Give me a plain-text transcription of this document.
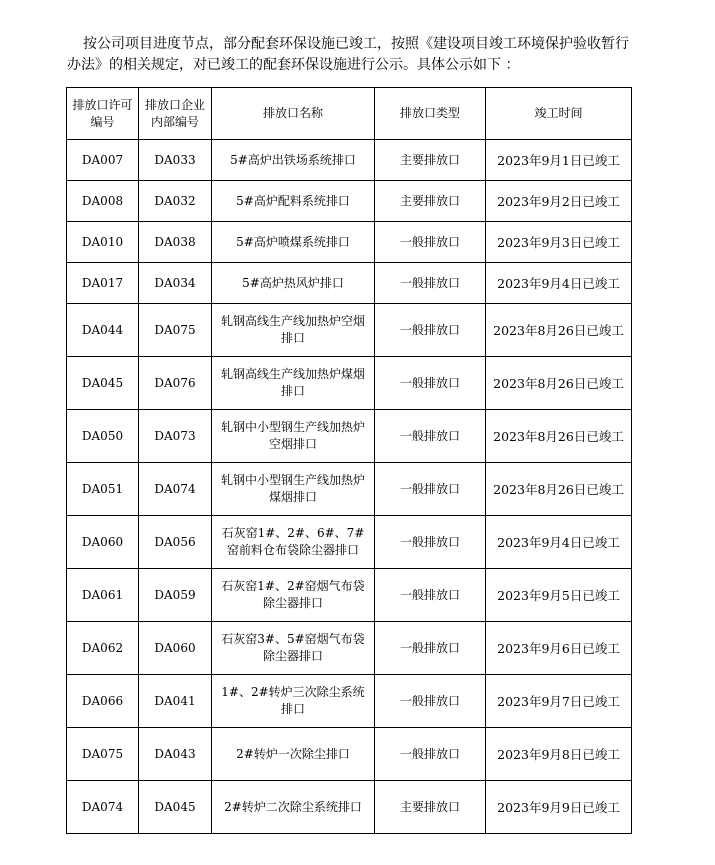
按公司项目进度节点，部分配套环保设施已竣工，按照《建设项目竣工环境保护验收暂行办法》的相关规定，对已竣工的配套环保设施进行公示。具体公示如下 ：

排放口许可编号	排放口企业内部编号	排放口名称	排放口类型	竣工时间
DA007	DA033	5#高炉出铁场系统排口	主要排放口	2023年9月1日已竣工
DA008	DA032	5#高炉配料系统排口	主要排放口	2023年9月2日已竣工
DA010	DA038	5#高炉喷煤系统排口	一般排放口	2023年9月3日已竣工
DA017	DA034	5#高炉热风炉排口	一般排放口	2023年9月4日已竣工
DA044	DA075	轧钢高线生产线加热炉空烟排口	一般排放口	2023年8月26日已竣工
DA045	DA076	轧钢高线生产线加热炉煤烟排口	一般排放口	2023年8月26日已竣工
DA050	DA073	轧钢中小型钢生产线加热炉空烟排口	一般排放口	2023年8月26日已竣工
DA051	DA074	轧钢中小型钢生产线加热炉煤烟排口	一般排放口	2023年8月26日已竣工
DA060	DA056	石灰窑1#、2#、6#、7#窑前料仓布袋除尘器排口	一般排放口	2023年9月4日已竣工
DA061	DA059	石灰窑1#、2#窑烟气布袋除尘器排口	一般排放口	2023年9月5日已竣工
DA062	DA060	石灰窑3#、5#窑烟气布袋除尘器排口	一般排放口	2023年9月6日已竣工
DA066	DA041	1#、2#转炉三次除尘系统排口	一般排放口	2023年9月7日已竣工
DA075	DA043	2#转炉一次除尘排口	一般排放口	2023年9月8日已竣工
DA074	DA045	2#转炉二次除尘系统排口	主要排放口	2023年9月9日已竣工
